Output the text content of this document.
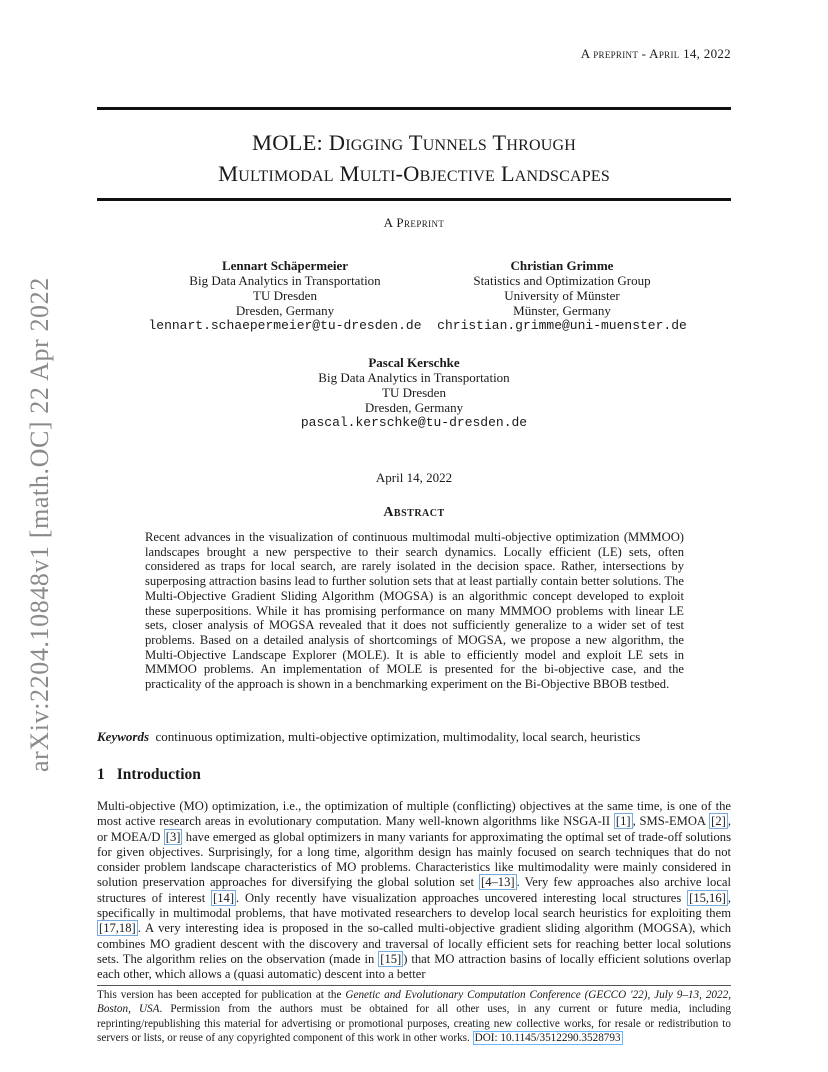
A preprint - April 14, 2022
MOLE: Digging Tunnels Through
Multimodal Multi-Objective Landscapes
A Preprint
Lennart Schäpermeier
Big Data Analytics in Transportation
TU Dresden
Dresden, Germany
lennart.schaepermeier@tu-dresden.de
Christian Grimme
Statistics and Optimization Group
University of Münster
Münster, Germany
christian.grimme@uni-muenster.de
Pascal Kerschke
Big Data Analytics in Transportation
TU Dresden
Dresden, Germany
pascal.kerschke@tu-dresden.de
April 14, 2022
Abstract
Recent advances in the visualization of continuous multimodal multi-objective optimization (MMMOO) landscapes brought a new perspective to their search dynamics. Locally efficient (LE) sets, often considered as traps for local search, are rarely isolated in the decision space. Rather, intersections by superposing attraction basins lead to further solution sets that at least partially contain better solutions. The Multi-Objective Gradient Sliding Algorithm (MOGSA) is an algorithmic concept developed to exploit these superpositions. While it has promising performance on many MMMOO problems with linear LE sets, closer analysis of MOGSA revealed that it does not sufficiently generalize to a wider set of test problems. Based on a detailed analysis of shortcomings of MOGSA, we propose a new algorithm, the Multi-Objective Landscape Explorer (MOLE). It is able to efficiently model and exploit LE sets in MMMOO problems. An implementation of MOLE is presented for the bi-objective case, and the practicality of the approach is shown in a benchmarking experiment on the Bi-Objective BBOB testbed.
Keywords continuous optimization, multi-objective optimization, multimodality, local search, heuristics
1 Introduction
Multi-objective (MO) optimization, i.e., the optimization of multiple (conflicting) objectives at the same time, is one of the most active research areas in evolutionary computation. Many well-known algorithms like NSGA-II [1] , SMS-EMOA [2] , or MOEA/D [3] have emerged as global optimizers in many variants for approximating the optimal set of trade-off solutions for given objectives. Surprisingly, for a long time, algorithm design has mainly focused on search techniques that do not consider problem landscape characteristics of MO problems. Characteristics like multimodality were mainly considered in solution preservation approaches for diversifying the global solution set [4–13] . Very few approaches also archive local structures of interest [14] . Only recently have visualization approaches uncovered interesting local structures [15,16] , specifically in multimodal problems, that have motivated researchers to develop local search heuristics for exploiting them [17,18] . A very interesting idea is proposed in the so-called multi-objective gradient sliding algorithm (MOGSA), which combines MO gradient descent with the discovery and traversal of locally efficient sets for reaching better local solutions sets. The algorithm relies on the observation (made in [15] ) that MO attraction basins of locally efficient solutions overlap each other, which allows a (quasi automatic) descent into a better
This version has been accepted for publication at the Genetic and Evolutionary Computation Conference (GECCO '22), July 9–13, 2022, Boston, USA. Permission from the authors must be obtained for all other uses, in any current or future media, including reprinting/republishing this material for advertising or promotional purposes, creating new collective works, for resale or redistribution to servers or lists, or reuse of any copyrighted component of this work in other works. DOI: 10.1145/3512290.3528793
arXiv:2204.10848v1 [math.OC] 22 Apr 2022
